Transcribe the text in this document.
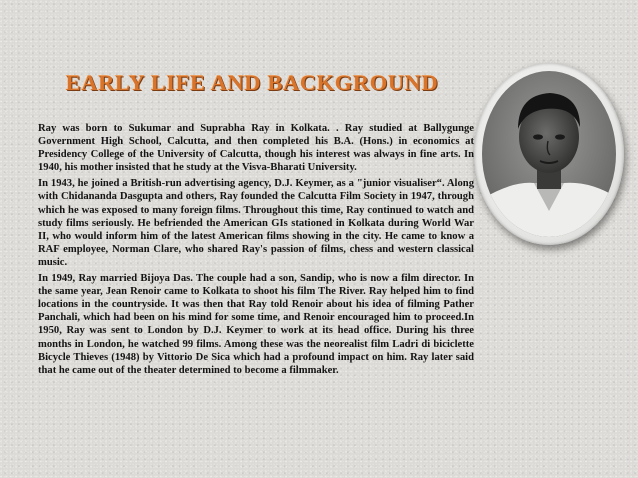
EARLY LIFE AND BACKGROUND

Ray was born to Sukumar and Suprabha Ray in Kolkata. . Ray studied at Ballygunge Government High School, Calcutta, and then completed his B.A. (Hons.) in economics at Presidency College of the University of Calcutta, though his interest was always in fine arts. In 1940, his mother insisted that he study at the Visva-Bharati University.

In 1943, he joined a British-run advertising agency, D.J. Keymer, as a "junior visualiser“. Along with Chidananda Dasgupta and others, Ray founded the Calcutta Film Society in 1947, through which he was exposed to many foreign films. Throughout this time, Ray continued to watch and study films seriously. He befriended the American GIs stationed in Kolkata during World War II, who would inform him of the latest American films showing in the city. He came to know a RAF employee, Norman Clare, who shared Ray's passion of films, chess and western classical music.

In 1949, Ray married Bijoya Das. The couple had a son, Sandip, who is now a film director. In the same year, Jean Renoir came to Kolkata to shoot his film The River. Ray helped him to find locations in the countryside. It was then that Ray told Renoir about his idea of filming Pather Panchali, which had been on his mind for some time, and Renoir encouraged him to proceed.In 1950, Ray was sent to London by D.J. Keymer to work at its head office. During his three months in London, he watched 99 films. Among these was the neorealist film Ladri di biciclette Bicycle Thieves (1948) by Vittorio De Sica which had a profound impact on him. Ray later said that he came out of the theater determined to become a filmmaker.
